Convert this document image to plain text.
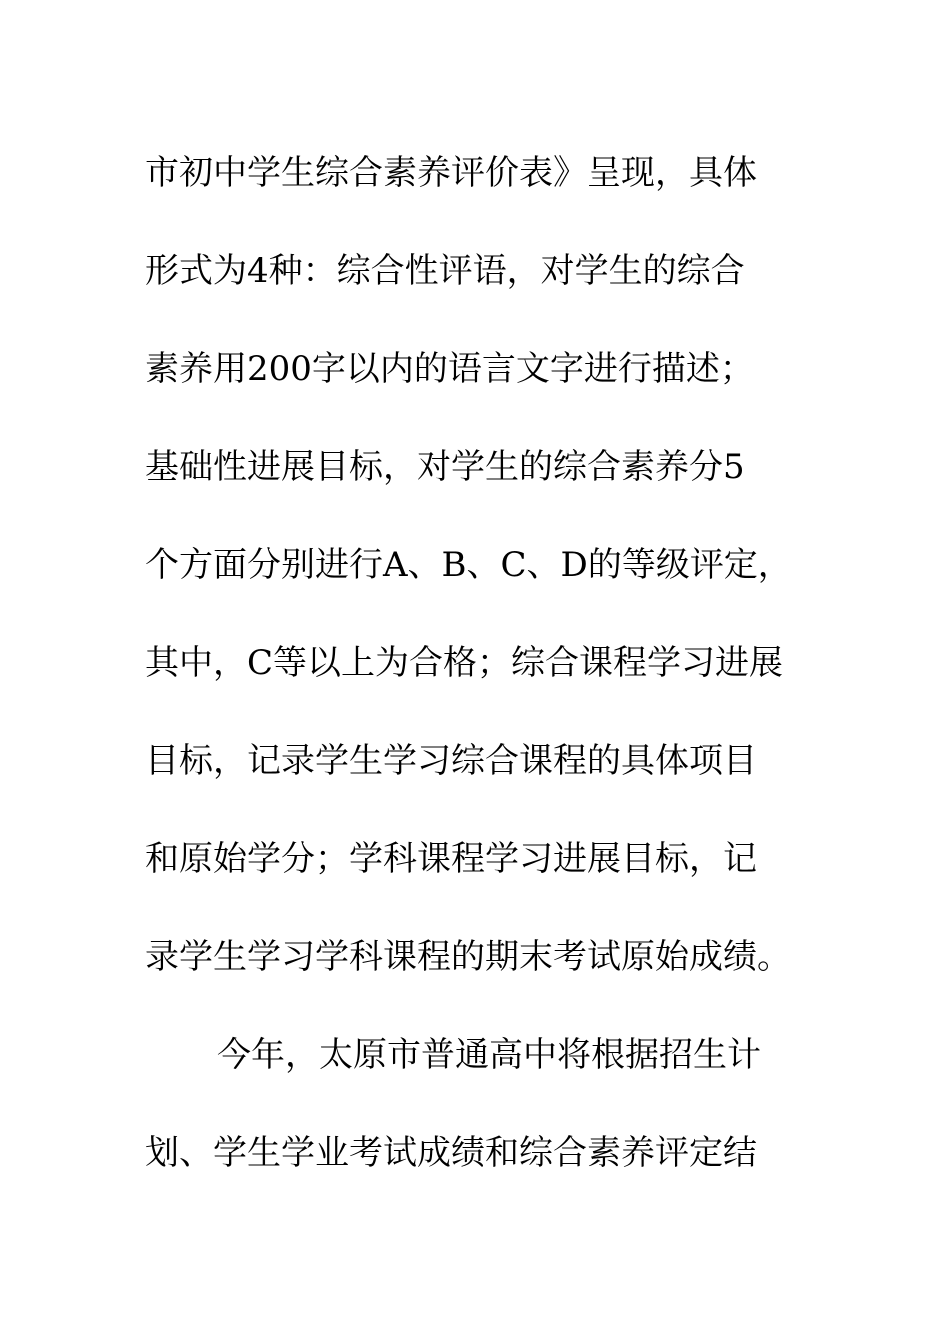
市初中学生综合素养评价表》呈现，具体
形式为4种：综合性评语，对学生的综合
素养用200字以内的语言文字进行描述；
基础性进展目标，对学生的综合素养分5
个方面分别进行A、B、C、D的等级评定，
其中，C等以上为合格；综合课程学习进展
目标，记录学生学习综合课程的具体项目
和原始学分；学科课程学习进展目标，记
录学生学习学科课程的期末考试原始成绩。
今年，太原市普通高中将根据招生计
划、学生学业考试成绩和综合素养评定结
